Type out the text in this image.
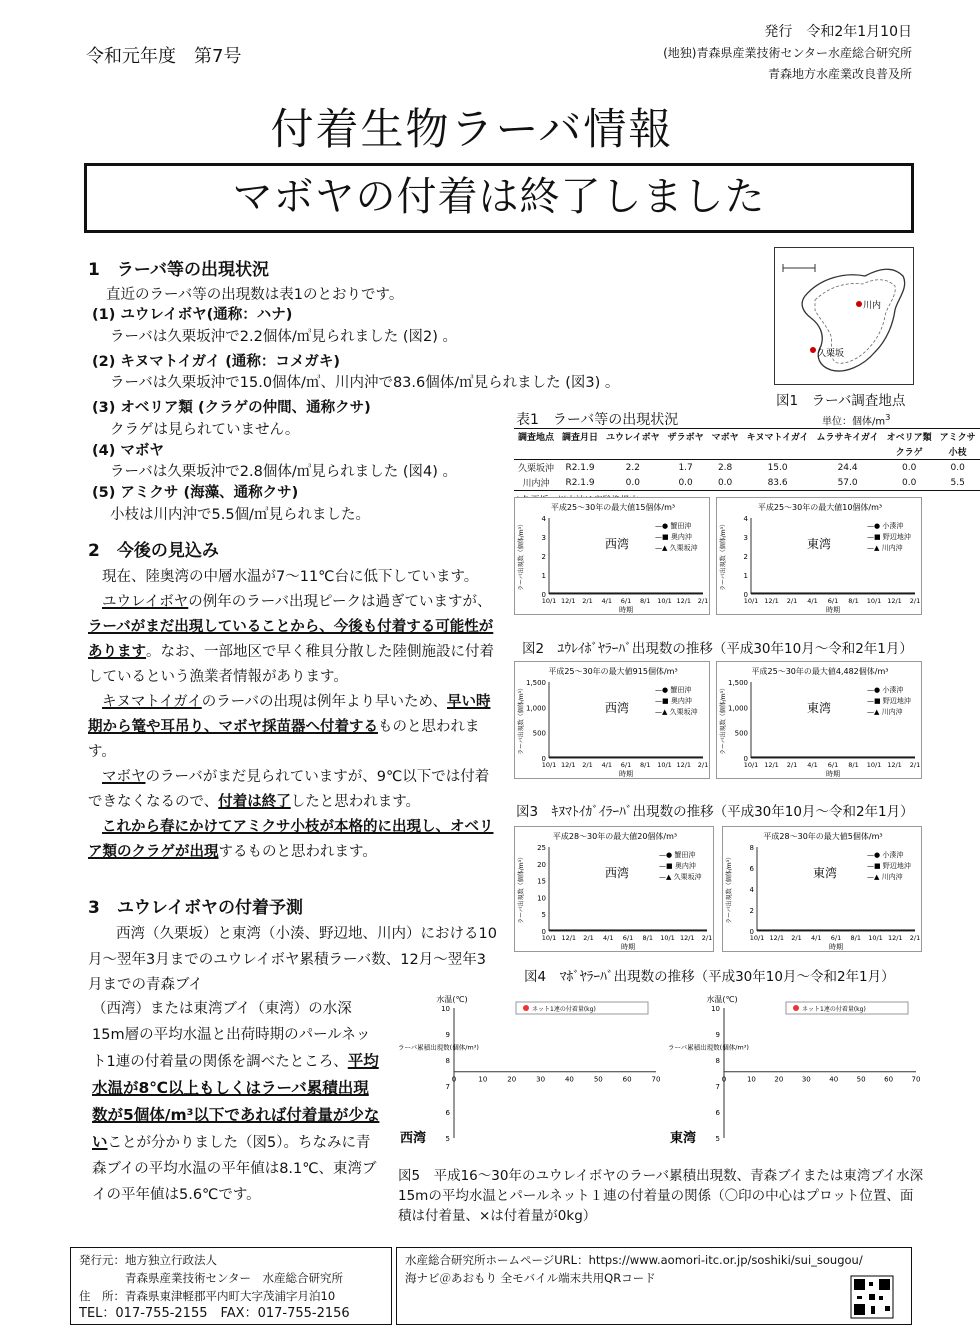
令和元年度　第7号
発行　令和2年1月10日
(地独)青森県産業技術センター水産総合研究所
青森地方水産業改良普及所
付着生物ラーバ情報
マボヤの付着は終了しました
1　ラーバ等の出現状況
直近のラーバ等の出現数は表1のとおりです。
(1) ユウレイボヤ(通称：ハナ)
ラーバは久栗坂沖で2.2個体/㎥見られました (図2) 。
(2) キヌマトイガイ (通称：コメガキ)
ラーバは久栗坂沖で15.0個体/㎥、川内沖で83.6個体/㎥見られました (図3) 。
(3) オベリア類 (クラゲの仲間、通称クサ)
クラゲは見られていません。
(4) マボヤ
ラーバは久栗坂沖で2.8個体/㎥見られました (図4) 。
(5) アミクサ (海藻、通称クサ)
小枝は川内沖で5.5個/㎥見られました。
2　今後の見込み
現在、陸奥湾の中層水温が7～11℃台に低下しています。
ユウレイボヤの例年のラーバ出現ピークは過ぎていますが、ラーバがまだ出現していることから、今後も付着する可能性があります。なお、一部地区で早く稚貝分散した陸側施設に付着しているという漁業者情報があります。
キヌマトイガイのラーバの出現は例年より早いため、早い時期から篭や耳吊り、マボヤ採苗器へ付着するものと思われます。
マボヤのラーバがまだ見られていますが、9℃以下では付着できなくなるので、付着は終了したと思われます。
これから春にかけてアミクサ小枝が本格的に出現し、オベリア類のクラゲが出現するものと思われます。
3　ユウレイボヤの付着予測
西湾（久栗坂）と東湾（小湊、野辺地、川内）における10月～翌年3月までのユウレイボヤ累積ラーバ数、12月～翌年3月までの青森ブイ
（西湾）または東湾ブイ（東湾）の水深15m層の平均水温と出荷時期のパールネット1連の付着量の関係を調べたところ、平均水温が8℃以上もしくはラーバ累積出現数が5個体/m³以下であれば付着量が少ないことが分かりました（図5）。ちなみに青森ブイの平均水温の平年値は8.1℃、東湾ブイの平年値は5.6℃です。
川内
久栗坂
図1　ラーバ調査地点
表1　ラーバ等の出現状況	単位：個体$/m^3$
調査地点	調査月日	ユウレイボヤ	ザラボヤ	マボヤ	キヌマトイガイ	ムラサキイガイ	オベリア類	アミクサ
							クラゲ	小枝
久栗坂沖	R2.1.9	2.2	1.7	2.8	15.0	24.4	0.0	0.0
川内沖	R2.1.9	0.0	0.0	0.0	83.6	57.0	0.0	5.5
平成25～30年の最大値15個体/m³
西湾
0
1
2
3
4
ラーバ出現数（個体/m³）
10/1 12/1 2/1 4/1 6/1 8/1 10/1 12/1 2/1
時期
—● 蟹田沖
—■ 奥内沖
—▲ 久栗坂沖
平成25～30年の最大値10個体/m³
東湾
0
1
2
3
4
ラーバ出現数（個体/m³）
10/1 12/1 2/1 4/1 6/1 8/1 10/1 12/1 2/1
時期
—● 小湊沖
—■ 野辺地沖
—▲ 川内沖
図2　ﾕｳﾚｲﾎﾞﾔﾗｰﾊﾞ出現数の推移（平成30年10月～令和2年1月）
平成25～30年の最大値915個体/m³
西湾
0
500
1,000
1,500
ラーバ出現数（個体/m³）
10/1 12/1 2/1 4/1 6/1 8/1 10/1 12/1 2/1
時期
—● 蟹田沖
—■ 奥内沖
—▲ 久栗坂沖
平成25～30年の最大値4,482個体/m³
東湾
0
500
1,000
1,500
ラーバ出現数（個体/m³）
10/1 12/1 2/1 4/1 6/1 8/1 10/1 12/1 2/1
時期
—● 小湊沖
—■ 野辺地沖
—▲ 川内沖
図3　ｷﾇﾏﾄｲｶﾞｲﾗｰﾊﾞ出現数の推移（平成30年10月～令和2年1月）
平成28～30年の最大値20個体/m³
西湾
0
5
10
15
20
25
ラーバ出現数（個体/m³）
10/1 12/1 2/1 4/1 6/1 8/1 10/1 12/1 2/1
時期
—● 蟹田沖
—■ 奥内沖
—▲ 久栗坂沖
平成28～30年の最大値5個体/m³
東湾
0
2
4
6
8
ラーバ出現数（個体/m³）
10/1 12/1 2/1 4/1 6/1 8/1 10/1 12/1 2/1
時期
—● 小湊沖
—■ 野辺地沖
—▲ 川内沖
図4　ﾏﾎﾞﾔﾗｰﾊﾞ出現数の推移（平成30年10月～令和2年1月）
水温(℃)
10
9
8
7
6
5
0	10	20	30	40	50	60	70
ラーバ累積出現数(個体/m³)
ネット1連の付着量(kg)
西湾
水温(℃)
10
9
8
7
6
5
0	10	20	30	40	50	60	70
ラーバ累積出現数(個体/m³)
ネット1連の付着量(kg)
東湾
図5　平成16～30年のユウレイボヤのラーバ累積出現数、青森ブイまたは東湾ブイ水深15mの平均水温とパールネット１連の付着量の関係（〇印の中心はプロット位置、面積は付着量、×は付着量が0kg）
発行元：地方独立行政法人
　　　　青森県産業技術センター　水産総合研究所
住　所：青森県東津軽郡平内町大字茂浦字月泊10
TEL：017-755-2155　FAX：017-755-2156
水産総合研究所ホームページURL：https://www.aomori-itc.or.jp/soshiki/sui_sougou/
海ナビ＠あおもり 全モバイル端末共用QRコード
